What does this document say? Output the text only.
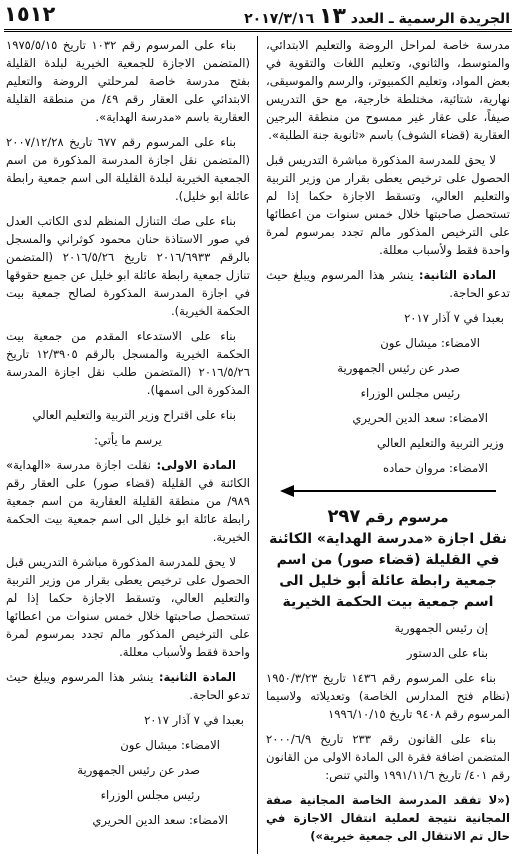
١٥١٢	الجريدة الرسمية ـ العدد ١٣ ٢٠١٧/٣/١٦

مدرسة خاصة لمراحل الروضة والتعليم الابتدائي، والمتوسط، والثانوي، وتعليم اللغات والتقوية في بعض المواد، وتعليم الكمبيوتر، والرسم والموسيقى، نهارية، شتائية، مختلطة خارجية، مع حق التدريس صيفاً، على عقار غير ممسوح من منطقة البرجين العقارية (قضاء الشوف) باسم «ثانوية جنة الطلبة».

لا يحق للمدرسة المذكورة مباشرة التدريس قبل الحصول على ترخيص يعطى بقرار من وزير التربية والتعليم العالي، وتسقط الاجازة حكما إذا لم تستحصل صاحبتها خلال خمس سنوات من اعطائها على الترخيص المذكور مالم تجدد بمرسوم لمرة واحدة فقط ولأسباب معللة.

المادة الثانية: ينشر هذا المرسوم ويبلغ حيث تدعو الحاجة.

بعبدا في ٧ آذار ٢٠١٧

الامضاء: ميشال عون

صدر عن رئيس الجمهورية

رئيس مجلس الوزراء

الامضاء: سعد الدين الحريري

وزير التربية والتعليم العالي

الامضاء: مروان حماده

مرسوم رقم ٢٩٧
نقل اجازة «مدرسة الهداية» الكائنة في القليلة (قضاء صور) من اسم جمعية رابطة عائلة أبو خليل الى اسم جمعية بيت الحكمة الخيرية

إن رئيس الجمهورية

بناء على الدستور

بناء على المرسوم رقم ١٤٣٦ تاريخ ١٩٥٠/٣/٢٣ (نظام فتح المدارس الخاصة) وتعديلاته ولاسيما المرسوم رقم ٩٤٠٨ تاريخ ١٩٩٦/١٠/١٥

بناء على القانون رقم ٢٣٣ تاريخ ٢٠٠٠/٦/٩ المتضمن اضافة فقرة الى المادة الاولى من القانون رقم ٤٠١/ تاريخ ١٩٩١/١١/٦ والتي تنص:

(«لا تفقد المدرسة الخاصة المجانية صفة المجانية نتيجة لعملية انتقال الاجازة في حال تم الانتقال الى جمعية خيرية»)

بناء على المرسوم رقم ١٠٣٢ تاريخ ١٩٧٥/٥/١٥ (المتضمن الاجازة للجمعية الخيرية لبلدة القليلة بفتح مدرسة خاصة لمرحلتي الروضة والتعليم الابتدائي على العقار رقم ٤٩/ من منطقة القليلة العقارية باسم «مدرسة الهداية».

بناء على المرسوم رقم ٦٧٧ تاريخ ٢٠٠٧/١٢/٢٨ (المتضمن نقل اجازة المدرسة المذكورة من اسم الجمعية الخيرية لبلدة القليلة الى اسم جمعية رابطة عائلة ابو خليل).

بناء على صك التنازل المنظم لدى الكاتب العدل في صور الاستاذة حنان محمود كوثراني والمسجل بالرقم ٢٠١٦/٦٩٣٣ تاريخ ٢٠١٦/٥/٢٦ (المتضمن تنازل جمعية رابطة عائلة ابو خليل عن جميع حقوقها في اجازة المدرسة المذكورة لصالح جمعية بيت الحكمة الخيرية).

بناء على الاستدعاء المقدم من جمعية بيت الحكمة الخيرية والمسجل بالرقم ١٢/٣٩٠٥ تاريخ ٢٠١٦/٥/٢٦ (المتضمن طلب نقل اجازة المدرسة المذكورة الى اسمها).

بناء على اقتراح وزير التربية والتعليم العالي

يرسم ما يأتي:

المادة الاولى: نقلت اجازة مدرسة «الهداية» الكائنة في القليلة (قضاء صور) على العقار رقم ٩٨٩/ من منطقة القليلة العقارية من اسم جمعية رابطة عائلة ابو خليل الى اسم جمعية بيت الحكمة الخيرية.

لا يحق للمدرسة المذكورة مباشرة التدريس قبل الحصول على ترخيص يعطى بقرار من وزير التربية والتعليم العالي، وتسقط الاجازة حكما إذا لم تستحصل صاحبتها خلال خمس سنوات من اعطائها على الترخيص المذكور مالم تجدد بمرسوم لمرة واحدة فقط ولأسباب معللة.

المادة الثانية: ينشر هذا المرسوم ويبلغ حيث تدعو الحاجة.

بعبدا في ٧ آذار ٢٠١٧

الامضاء: ميشال عون

صدر عن رئيس الجمهورية

رئيس مجلس الوزراء

الامضاء: سعد الدين الحريري
